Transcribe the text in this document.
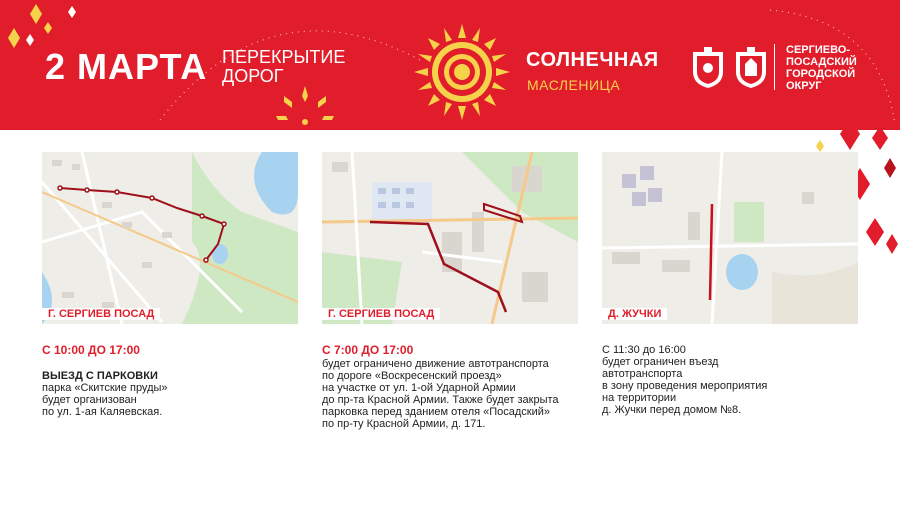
2 МАРТА ПЕРЕКРЫТИЕ
ДОРОГ
СОЛНЕЧНАЯ
МАСЛЕНИЦА
СЕРГИЕВО-
ПОСАДСКИЙ
ГОРОДСКОЙ
ОКРУГ
Г. СЕРГИЕВ ПОСАД	Г. СЕРГИЕВ ПОСАД	Д. ЖУЧКИ
С 10:00 ДО 17:00
ВЫЕЗД С ПАРКОВКИ
парка «Скитские пруды»
будет организован
по ул. 1-ая Каляевская.
С 7:00 ДО 17:00
будет ограничено движение автотранспорта
по дороге «Воскресенский проезд»
на участке от ул. 1-ой Ударной Армии
до пр-та Красной Армии. Также будет закрыта
парковка перед зданием отеля «Посадский»
по пр-ту Красной Армии, д. 171.
С 11:30 до 16:00
будет ограничен въезд
автотранспорта
в зону проведения мероприятия
на территории
д. Жучки перед домом №8.
